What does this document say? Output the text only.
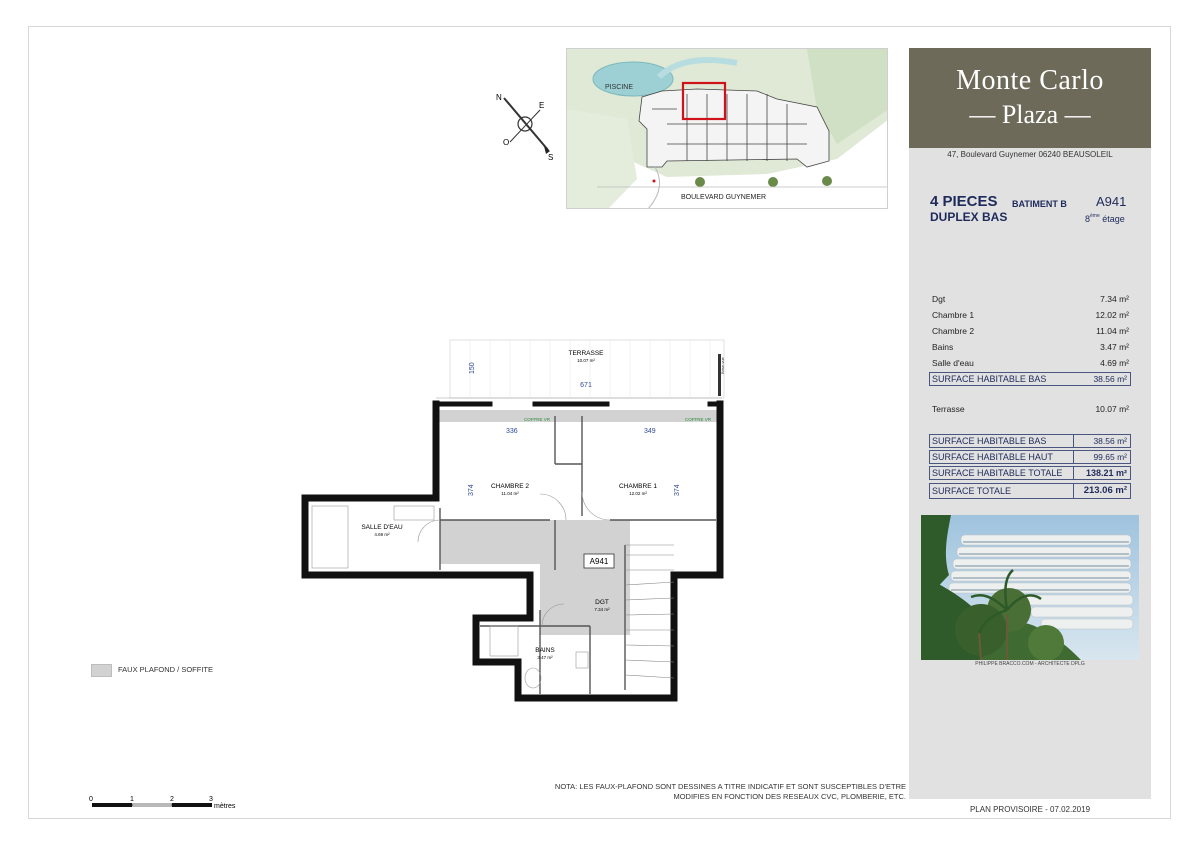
PISCINE
BOULEVARD GUYNEMER
N
E
O
S
TERRASSE
10.07 m²
671
150	Brise-vue
COFFRE VR	COFFRE VR
336	349
374	374
CHAMBRE 2
11.04 m²
CHAMBRE 1
12.02 m²
SALLE D'EAU
4.69 m²
A941
DGT
7.34 m²
BAINS
3.47 m²
FAUX PLAFOND / SOFFITE
NOTA: LES FAUX-PLAFOND SONT DESSINES A TITRE INDICATIF ET SONT SUSCEPTIBLES D'ETRE
MODIFIES EN FONCTION DES RESEAUX CVC, PLOMBERIE, ETC.
0	1	2	3
mètres
Monte Carlo
— Plaza —
47, Boulevard Guynemer 06240 BEAUSOLEIL
4 PIECES BATIMENT B
DUPLEX BAS
A941
8ème étage
Dgt	7.34 m²
Chambre 1	12.02 m²
Chambre 2	11.04 m²
Bains	3.47 m²
Salle d'eau	4.69 m²
SURFACE HABITABLE BAS	38.56 m²
Terrasse	10.07 m²
SURFACE HABITABLE BAS	38.56 m²
SURFACE HABITABLE HAUT	99.65 m²
SURFACE HABITABLE TOTALE	138.21 m²
SURFACE TOTALE	213.06 m²
PHILIPPE BRACCO.COM - ARCHITECTE DPLG
PLAN PROVISOIRE - 07.02.2019
